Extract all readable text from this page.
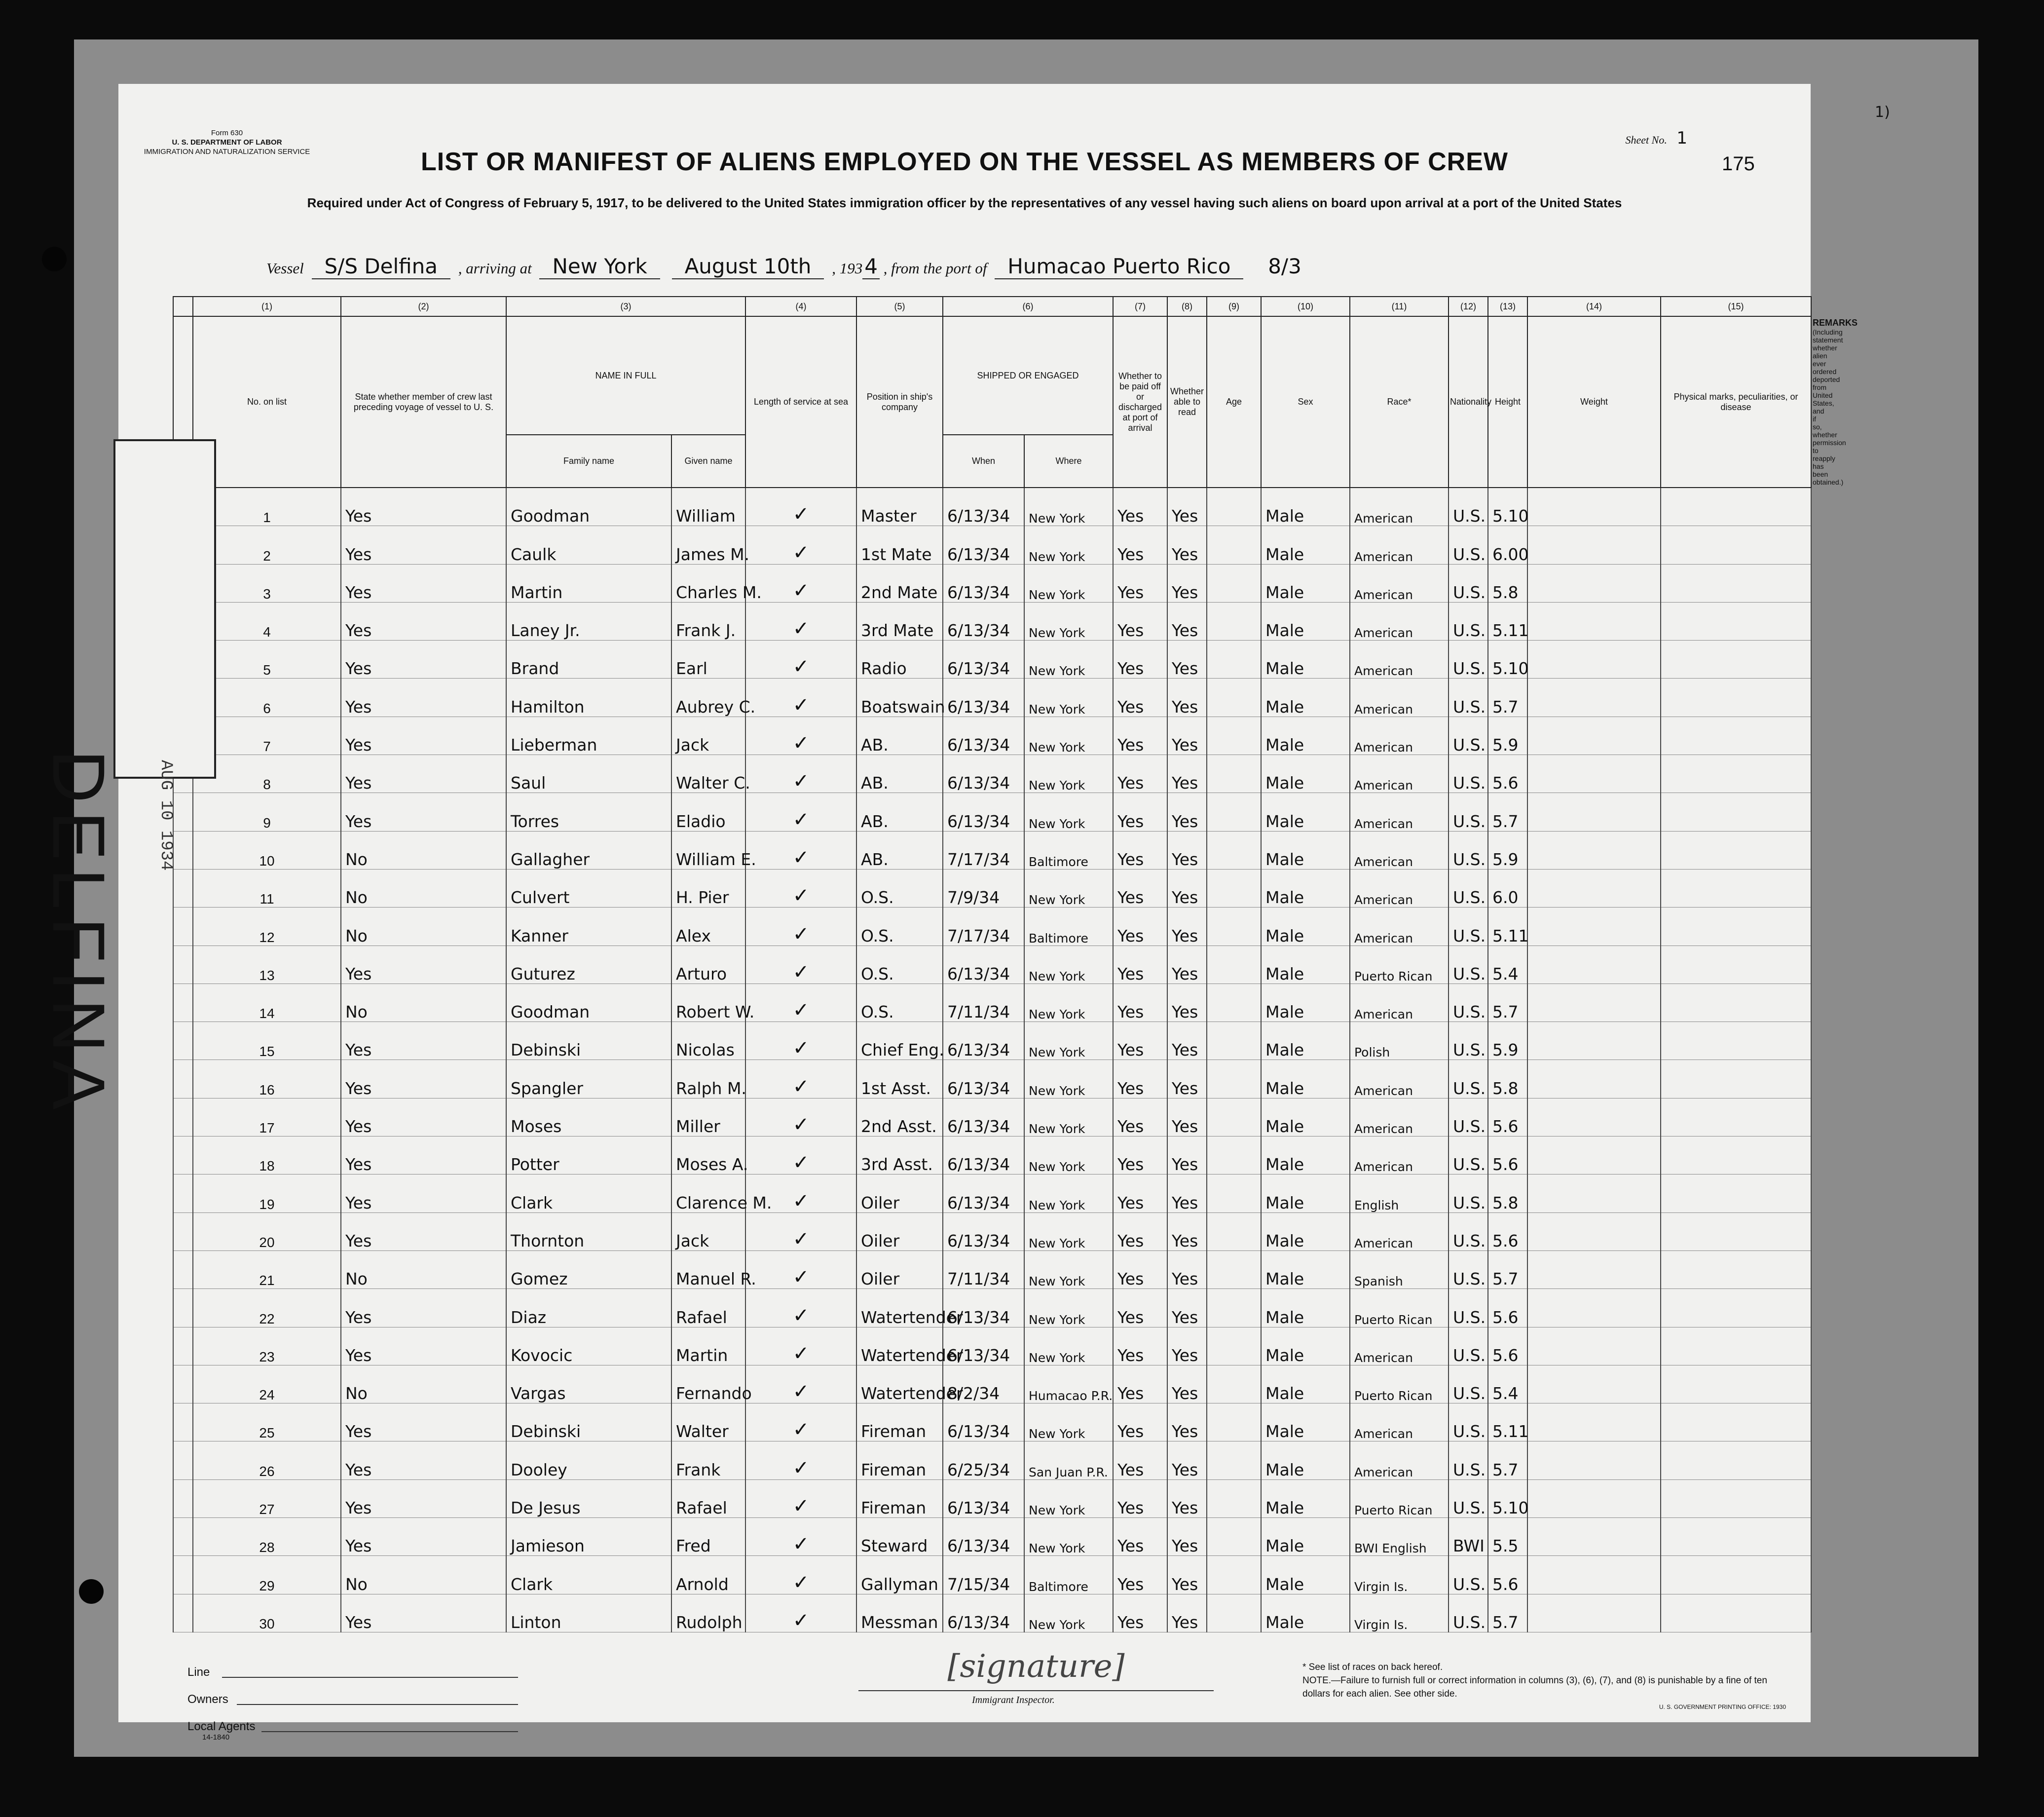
Form 630
U. S. DEPARTMENT OF LABOR
IMMIGRATION AND NATURALIZATION SERVICE
Sheet No. 1
175
1)
LIST OR MANIFEST OF ALIENS EMPLOYED ON THE VESSEL AS MEMBERS OF CREW
Required under Act of Congress of February 5, 1917, to be delivered to the United States immigration officer by the representatives of any vessel having such aliens on board upon arrival at a port of the United States
Vessel S/S Delfina , arriving at New York August 10th , 1934 , from the port of Humacao Puerto Rico 8/3
	(1)	(2)	(3)		(4)	(5)	(6)		(7)	(8)	(9)	(10)	(11)	(12)	(13)	(14)	(15)	
	No. on list	State whether member of crew last preceding voyage of vessel to U. S.	NAME IN FULL		Length of service at sea	Position in ship's company	SHIPPED OR ENGAGED		Whether to be paid off or discharged at port of arrival	Whether able to read	Age	Sex	Race*	Nationality	Height	Weight	Physical marks, peculiarities, or disease	

			Family name	Given name			When	Where										
	1	Yes	Goodman	William	✓	Master	6/13/34	New York	Yes	Yes		Male	American	U.S.	5.10			
	2	Yes	Caulk	James M.	✓	1st Mate	6/13/34	New York	Yes	Yes		Male	American	U.S.	6.00			
	3	Yes	Martin	Charles M.	✓	2nd Mate	6/13/34	New York	Yes	Yes		Male	American	U.S.	5.8			
	4	Yes	Laney Jr.	Frank J.	✓	3rd Mate	6/13/34	New York	Yes	Yes		Male	American	U.S.	5.11			
	5	Yes	Brand	Earl	✓	Radio	6/13/34	New York	Yes	Yes		Male	American	U.S.	5.10			
	6	Yes	Hamilton	Aubrey C.	✓	Boatswain	6/13/34	New York	Yes	Yes		Male	American	U.S.	5.7			
	7	Yes	Lieberman	Jack	✓	AB.	6/13/34	New York	Yes	Yes		Male	American	U.S.	5.9			
	8	Yes	Saul	Walter C.	✓	AB.	6/13/34	New York	Yes	Yes		Male	American	U.S.	5.6			
	9	Yes	Torres	Eladio	✓	AB.	6/13/34	New York	Yes	Yes		Male	American	U.S.	5.7			
	10	No	Gallagher	William E.	✓	AB.	7/17/34	Baltimore	Yes	Yes		Male	American	U.S.	5.9			
	11	No	Culvert	H. Pier	✓	O.S.	7/9/34	New York	Yes	Yes		Male	American	U.S.	6.0			
	12	No	Kanner	Alex	✓	O.S.	7/17/34	Baltimore	Yes	Yes		Male	American	U.S.	5.11			
	13	Yes	Guturez	Arturo	✓	O.S.	6/13/34	New York	Yes	Yes		Male	Puerto Rican	U.S.	5.4			
	14	No	Goodman	Robert W.	✓	O.S.	7/11/34	New York	Yes	Yes		Male	American	U.S.	5.7			
	15	Yes	Debinski	Nicolas	✓	Chief Eng.	6/13/34	New York	Yes	Yes		Male	Polish	U.S.	5.9			
	16	Yes	Spangler	Ralph M.	✓	1st Asst.	6/13/34	New York	Yes	Yes		Male	American	U.S.	5.8			
	17	Yes	Moses	Miller	✓	2nd Asst.	6/13/34	New York	Yes	Yes		Male	American	U.S.	5.6			
	18	Yes	Potter	Moses A.	✓	3rd Asst.	6/13/34	New York	Yes	Yes		Male	American	U.S.	5.6			
	19	Yes	Clark	Clarence M.	✓	Oiler	6/13/34	New York	Yes	Yes		Male	English	U.S.	5.8			
	20	Yes	Thornton	Jack	✓	Oiler	6/13/34	New York	Yes	Yes		Male	American	U.S.	5.6			
	21	No	Gomez	Manuel R.	✓	Oiler	7/11/34	New York	Yes	Yes		Male	Spanish	U.S.	5.7			
	22	Yes	Diaz	Rafael	✓	Watertender	6/13/34	New York	Yes	Yes		Male	Puerto Rican	U.S.	5.6			
	23	Yes	Kovocic	Martin	✓	Watertender	6/13/34	New York	Yes	Yes		Male	American	U.S.	5.6			
	24	No	Vargas	Fernando	✓	Watertender	8/2/34	Humacao P.R.	Yes	Yes		Male	Puerto Rican	U.S.	5.4			
	25	Yes	Debinski	Walter	✓	Fireman	6/13/34	New York	Yes	Yes		Male	American	U.S.	5.11			
	26	Yes	Dooley	Frank	✓	Fireman	6/25/34	San Juan P.R.	Yes	Yes		Male	American	U.S.	5.7			
	27	Yes	De Jesus	Rafael	✓	Fireman	6/13/34	New York	Yes	Yes		Male	Puerto Rican	U.S.	5.10			
	28	Yes	Jamieson	Fred	✓	Steward	6/13/34	New York	Yes	Yes		Male	BWI English	BWI	5.5			
	29	No	Clark	Arnold	✓	Gallyman	7/15/34	Baltimore	Yes	Yes		Male	Virgin Is.	U.S.	5.6			
	30	Yes	Linton	Rudolph	✓	Messman	6/13/34	New York	Yes	Yes		Male	Virgin Is.	U.S.	5.7			
Line
Owners
Local Agents
14-1840
[signature]
Immigrant Inspector.
* See list of races on back hereof.
NOTE.—Failure to furnish full or correct information in columns (3), (6), (7), and (8) is punishable by a fine of ten dollars for each alien. See other side.
U. S. GOVERNMENT PRINTING OFFICE: 1930
DELFINA AUG 10 1934
